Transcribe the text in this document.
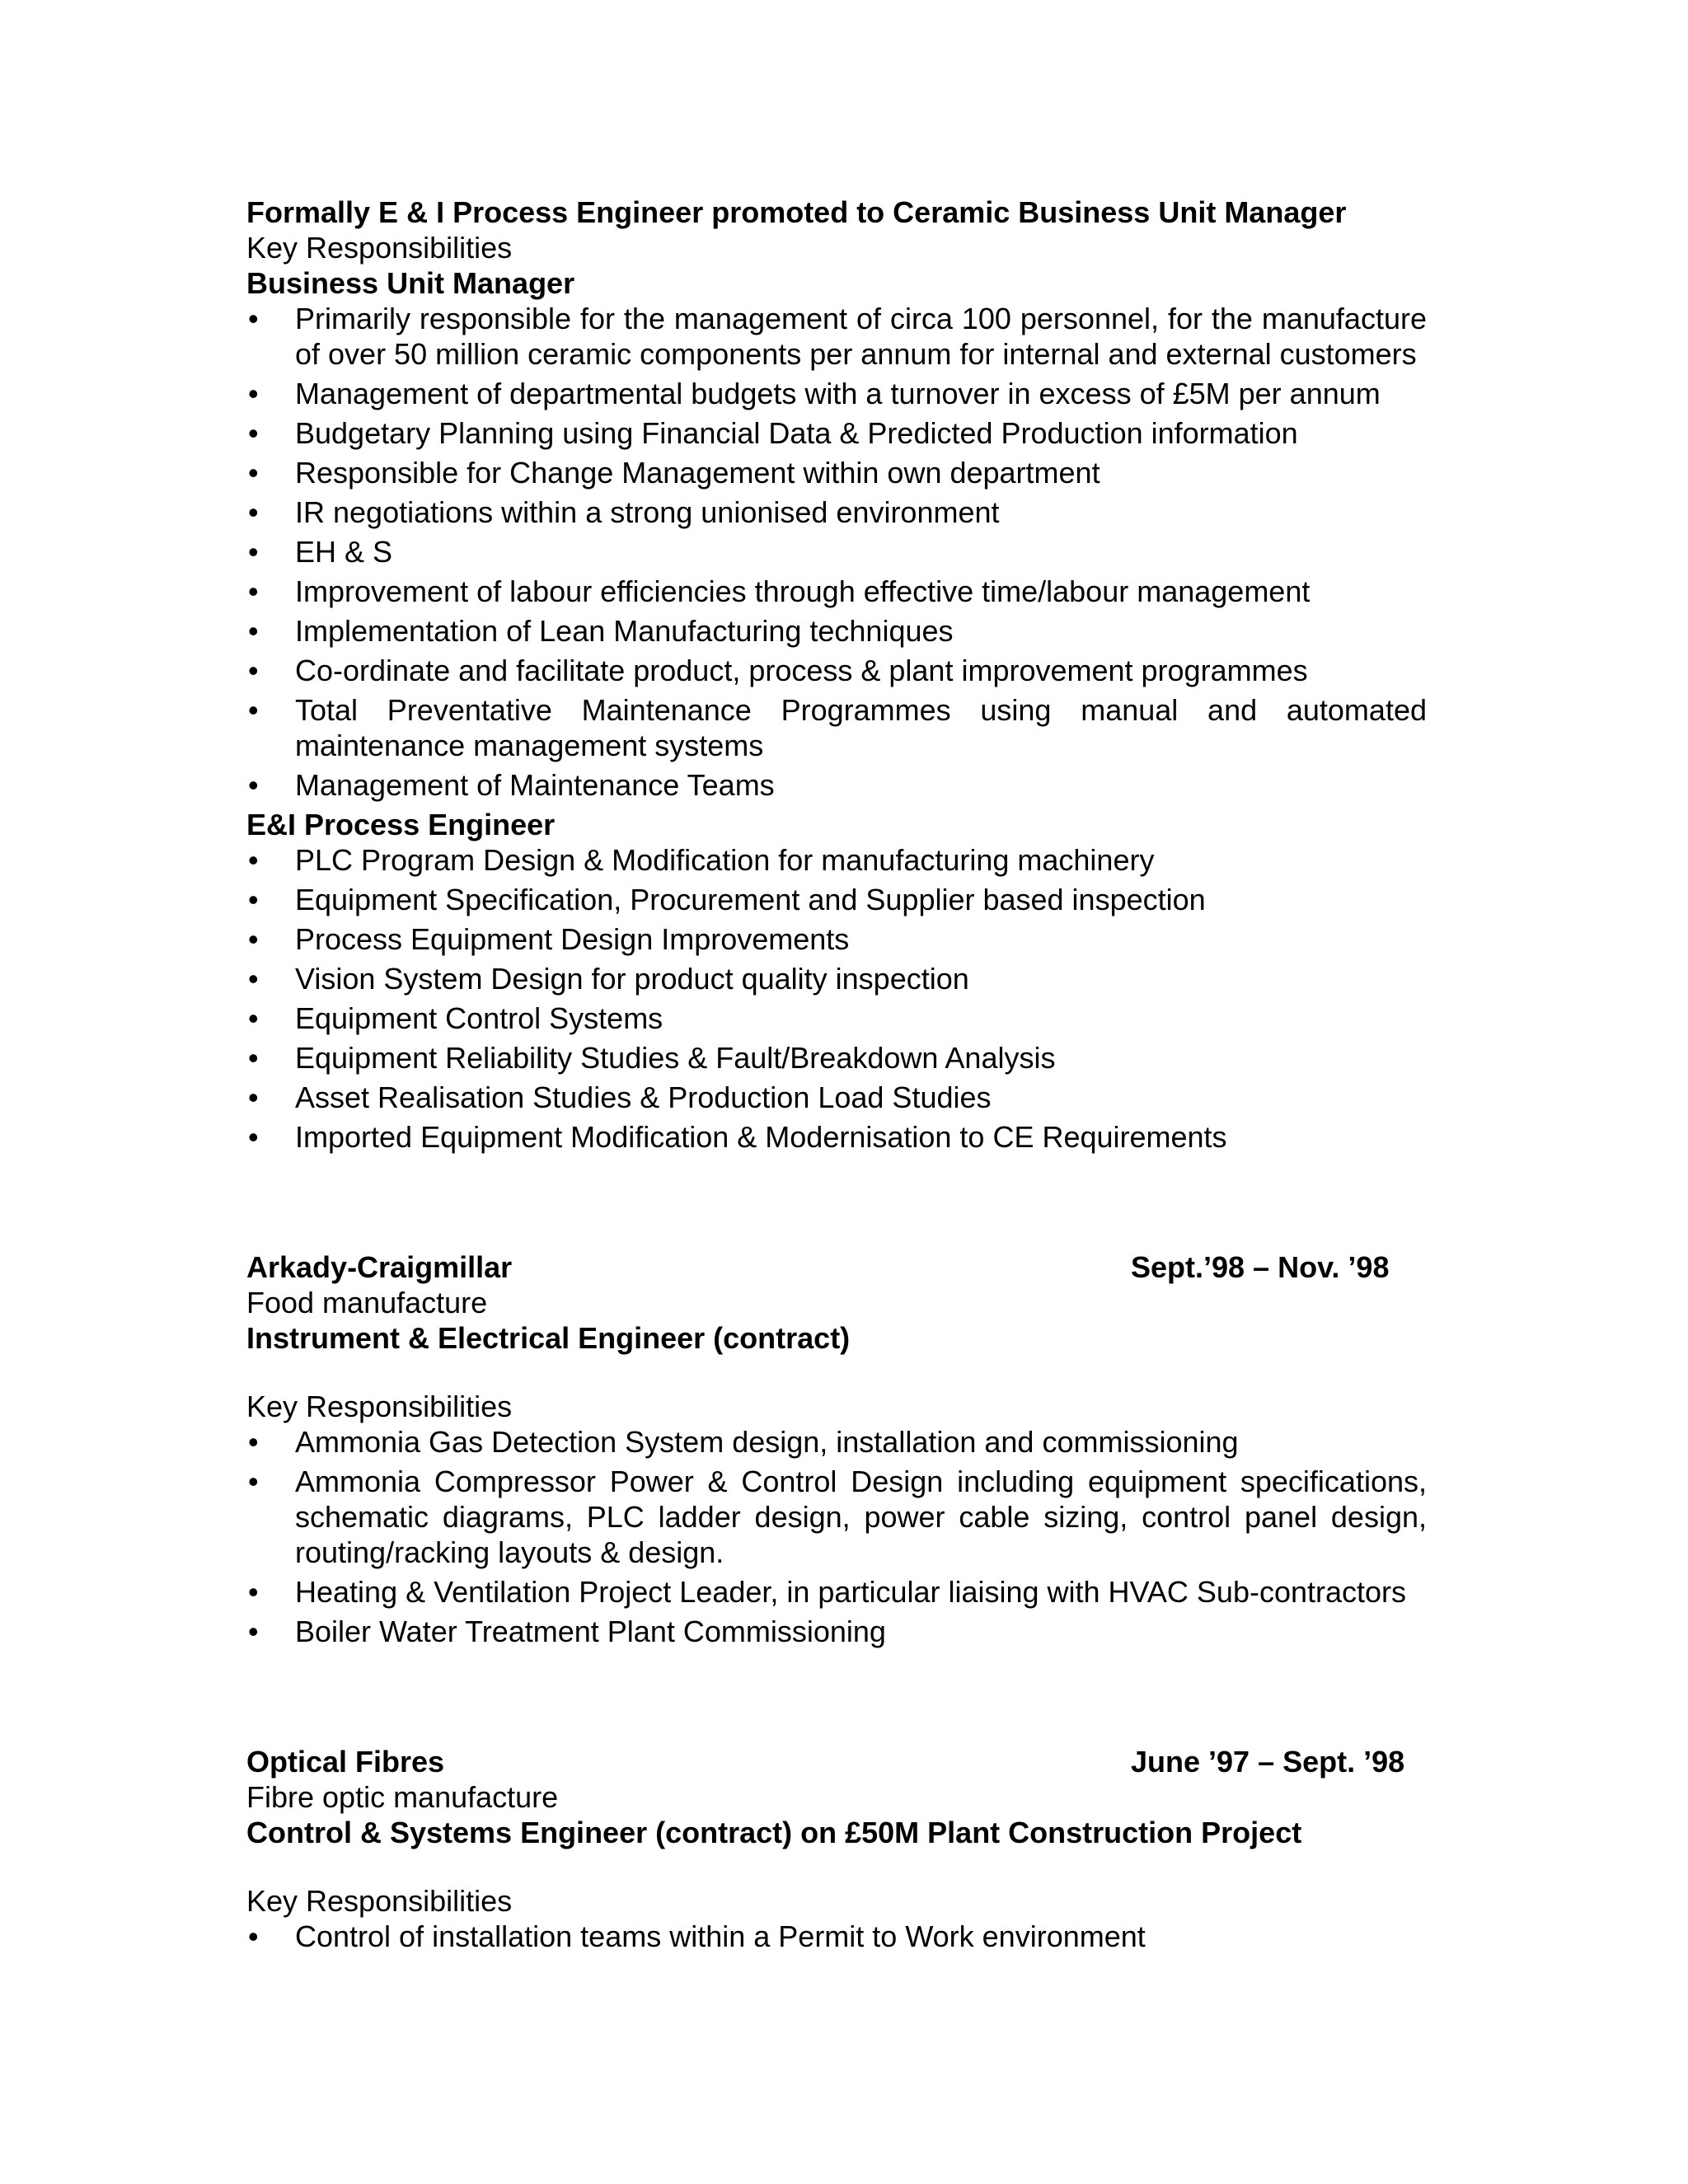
Formally E & I Process Engineer promoted to Ceramic Business Unit Manager

Key Responsibilities

Business Unit Manager

•	Primarily responsible for the management of circa 100 personnel, for the manufacture of over 50 million ceramic components per annum for internal and external customers
•	Management of departmental budgets with a turnover in excess of £5M per annum
•	Budgetary Planning using Financial Data & Predicted Production information
•	Responsible for Change Management within own department
•	IR negotiations within a strong unionised environment
•	EH & S
•	Improvement of labour efficiencies through effective time/labour management
•	Implementation of Lean Manufacturing techniques
•	Co-ordinate and facilitate product, process & plant improvement programmes
•	Total Preventative Maintenance Programmes using manual and automated maintenance management systems
•	Management of Maintenance Teams

E&I Process Engineer

•	PLC Program Design & Modification for manufacturing machinery
•	Equipment Specification, Procurement and Supplier based inspection
•	Process Equipment Design Improvements
•	Vision System Design for product quality inspection
•	Equipment Control Systems
•	Equipment Reliability Studies & Fault/Breakdown Analysis
•	Asset Realisation Studies & Production Load Studies
•	Imported Equipment Modification & Modernisation to CE Requirements
Arkady-Craigmillar	Sept.’98 – Nov. ’98

Food manufacture

Instrument & Electrical Engineer (contract)

Key Responsibilities

•	Ammonia Gas Detection System design, installation and commissioning
•	Ammonia Compressor Power & Control Design including equipment specifications, schematic diagrams, PLC ladder design, power cable sizing, control panel design, routing/racking layouts & design.
•	Heating & Ventilation Project Leader, in particular liaising with HVAC Sub-contractors
•	Boiler Water Treatment Plant Commissioning
Optical Fibres	June ’97 – Sept. ’98

Fibre optic manufacture

Control & Systems Engineer (contract) on £50M Plant Construction Project

Key Responsibilities

•	Control of installation teams within a Permit to Work environment
